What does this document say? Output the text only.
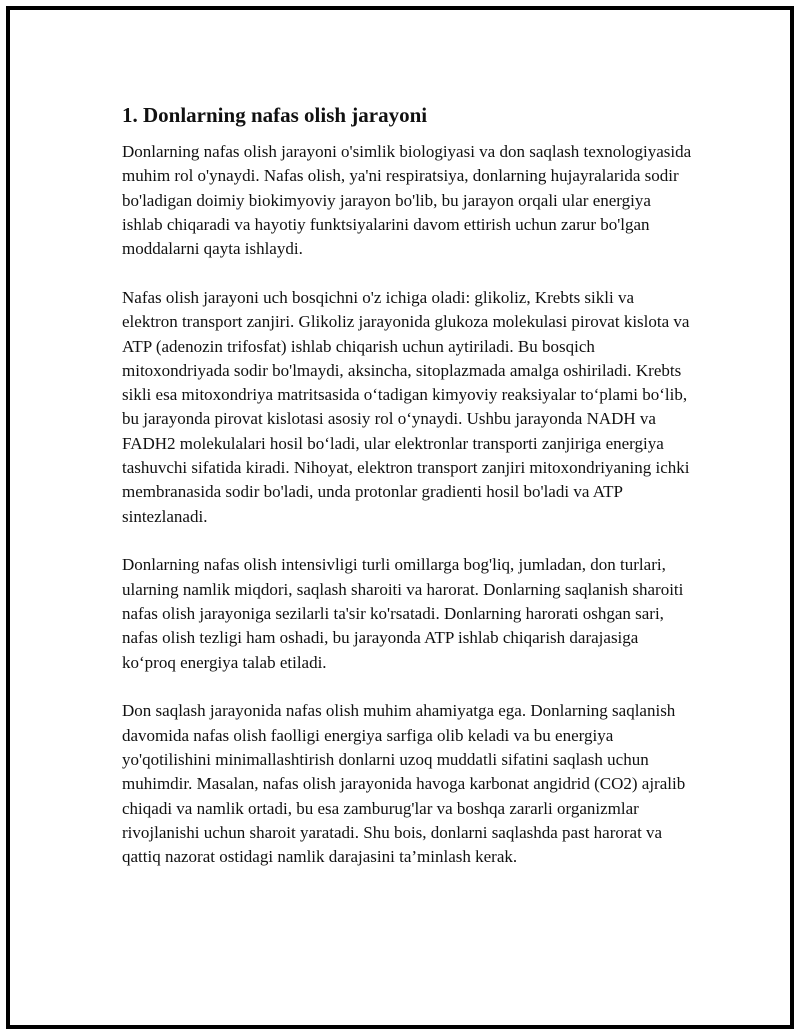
1. Donlarning nafas olish jarayoni

Donlarning nafas olish jarayoni o'simlik biologiyasi va don saqlash texnologiyasida muhim rol o'ynaydi. Nafas olish, ya'ni respiratsiya, donlarning hujayralarida sodir bo'ladigan doimiy biokimyoviy jarayon bo'lib, bu jarayon orqali ular energiya ishlab chiqaradi va hayotiy funktsiyalarini davom ettirish uchun zarur bo'lgan moddalarni qayta ishlaydi.

Nafas olish jarayoni uch bosqichni o'z ichiga oladi: glikoliz, Krebts sikli va elektron transport zanjiri. Glikoliz jarayonida glukoza molekulasi pirovat kislota va ATP (adenozin trifosfat) ishlab chiqarish uchun aytiriladi. Bu bosqich mitoxondriyada sodir bo'lmaydi, aksincha, sitoplazmada amalga oshiriladi. Krebts sikli esa mitoxondriya matritsasida o‘tadigan kimyoviy reaksiyalar to‘plami bo‘lib, bu jarayonda pirovat kislotasi asosiy rol o‘ynaydi. Ushbu jarayonda NADH va FADH2 molekulalari hosil bo‘ladi, ular elektronlar transporti zanjiriga energiya tashuvchi sifatida kiradi. Nihoyat, elektron transport zanjiri mitoxondriyaning ichki membranasida sodir bo'ladi, unda protonlar gradienti hosil bo'ladi va ATP sintezlanadi.

Donlarning nafas olish intensivligi turli omillarga bog'liq, jumladan, don turlari, ularning namlik miqdori, saqlash sharoiti va harorat. Donlarning saqlanish sharoiti nafas olish jarayoniga sezilarli ta'sir ko'rsatadi. Donlarning harorati oshgan sari, nafas olish tezligi ham oshadi, bu jarayonda ATP ishlab chiqarish darajasiga ko‘proq energiya talab etiladi.

Don saqlash jarayonida nafas olish muhim ahamiyatga ega. Donlarning saqlanish davomida nafas olish faolligi energiya sarfiga olib keladi va bu energiya yo'qotilishini minimallashtirish donlarni uzoq muddatli sifatini saqlash uchun muhimdir. Masalan, nafas olish jarayonida havoga karbonat angidrid (CO2) ajralib chiqadi va namlik ortadi, bu esa zamburug'lar va boshqa zararli organizmlar rivojlanishi uchun sharoit yaratadi. Shu bois, donlarni saqlashda past harorat va qattiq nazorat ostidagi namlik darajasini ta’minlash kerak.
